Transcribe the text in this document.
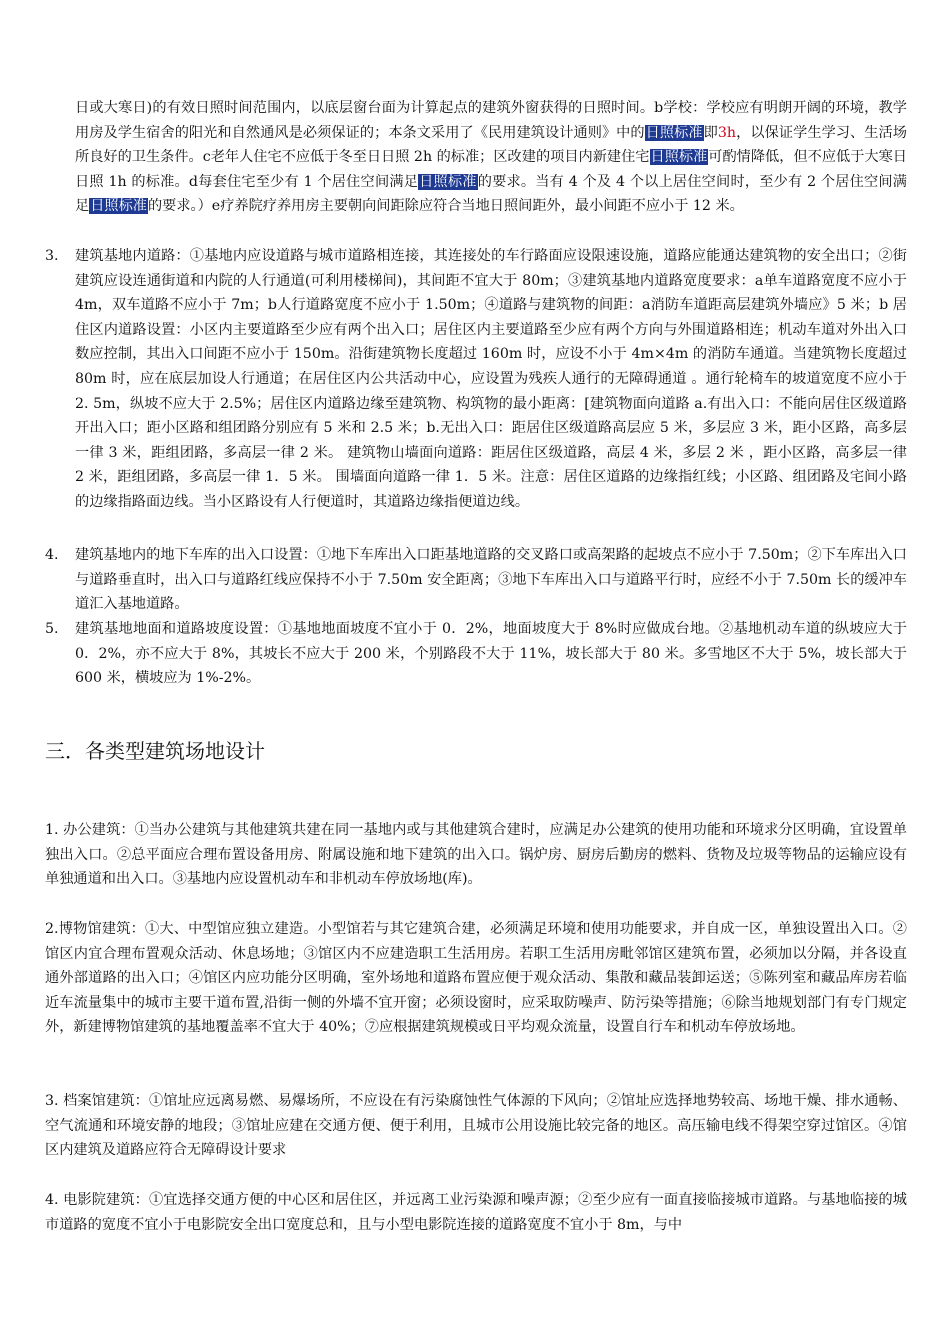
日或大寒日)的有效日照时间范围内，以底层窗台面为计算起点的建筑外窗获得的日照时间。b学校：学校应有明朗开阔的环境，教学用房及学生宿舍的阳光和自然通风是必须保证的；本条文采用了《民用建筑设计通则》中的日照标准即3h，以保证学生学习、生活场所良好的卫生条件。c老年人住宅不应低于冬至日日照 2h 的标准；区改建的项目内新建住宅日照标准可酌情降低，但不应低于大寒日日照 1h 的标准。d每套住宅至少有 1 个居住空间满足日照标准的要求。当有 4 个及 4 个以上居住空间时，至少有 2 个居住空间满足日照标准的要求。）e疗养院疗养用房主要朝向间距除应符合当地日照间距外，最小间距不应小于 12 米。
3.	建筑基地内道路：①基地内应设道路与城市道路相连接，其连接处的车行路面应设限速设施，道路应能通达建筑物的安全出口；②街建筑应设连通街道和内院的人行通道(可利用楼梯间)，其间距不宜大于 80m；③建筑基地内道路宽度要求：a单车道路宽度不应小于 4m，双车道路不应小于 7m；b人行道路宽度不应小于 1.50m；④道路与建筑物的间距：a消防车道距高层建筑外墙应》5 米；b 居住区内道路设置：小区内主要道路至少应有两个出入口；居住区内主要道路至少应有两个方向与外围道路相连；机动车道对外出入口数应控制，其出入口间距不应小于 150m。沿街建筑物长度超过 160m 时，应设不小于 4m×4m 的消防车通道。当建筑物长度超过 80m 时，应在底层加设人行通道；在居住区内公共活动中心，应设置为残疾人通行的无障碍通道 。通行轮椅车的坡道宽度不应小于 2. 5m，纵坡不应大于 2.5%；居住区内道路边缘至建筑物、构筑物的最小距离：[建筑物面向道路 a.有出入口：不能向居住区级道路开出入口；距小区路和组团路分别应有 5 米和 2.5 米；b.无出入口：距居住区级道路高层应 5 米，多层应 3 米，距小区路，高多层一律 3 米，距组团路，多高层一律 2 米。 建筑物山墙面向道路：距居住区级道路，高层 4 米，多层 2 米 ，距小区路，高多层一律 2 米，距组团路，多高层一律 1．5 米。 围墙面向道路一律 1．5 米。注意：居住区道路的边缘指红线；小区路、组团路及宅间小路的边缘指路面边线。当小区路设有人行便道时，其道路边缘指便道边线。
4.	建筑基地内的地下车库的出入口设置：①地下车库出入口距基地道路的交叉路口或高架路的起坡点不应小于 7.50m；②下车库出入口与道路垂直时，出入口与道路红线应保持不小于 7.50m 安全距离；③地下车库出入口与道路平行时，应经不小于 7.50m 长的缓冲车道汇入基地道路。
5.	建筑基地地面和道路坡度设置：①基地地面坡度不宜小于 0．2%，地面坡度大于 8%时应做成台地。②基地机动车道的纵坡应大于 0．2%，亦不应大于 8%，其坡长不应大于 200 米，个别路段不大于 11%，坡长部大于 80 米。多雪地区不大于 5%，坡长部大于 600 米，横坡应为 1%-2%。
三．各类型建筑场地设计
1. 办公建筑：①当办公建筑与其他建筑共建在同一基地内或与其他建筑合建时，应满足办公建筑的使用功能和环境求分区明确，宜设置单独出入口。②总平面应合理布置设备用房、附属设施和地下建筑的出入口。锅炉房、厨房后勤房的燃料、货物及垃圾等物品的运输应设有单独通道和出入口。③基地内应设置机动车和非机动车停放场地(库)。
2.博物馆建筑：①大、中型馆应独立建造。小型馆若与其它建筑合建，必须满足环境和使用功能要求，并自成一区，单独设置出入口。②馆区内宜合理布置观众活动、休息场地；③馆区内不应建造职工生活用房。若职工生活用房毗邻馆区建筑布置，必须加以分隔，并各设直通外部道路的出入口；④馆区内应功能分区明确，室外场地和道路布置应便于观众活动、集散和藏品装卸运送；⑤陈列室和藏品库房若临近车流量集中的城市主要干道布置,沿街一侧的外墙不宜开窗；必须设窗时，应采取防噪声、防污染等措施；⑥除当地规划部门有专门规定外，新建博物馆建筑的基地覆盖率不宜大于 40%；⑦应根据建筑规模或日平均观众流量，设置自行车和机动车停放场地。
3. 档案馆建筑：①馆址应远离易燃、易爆场所，不应设在有污染腐蚀性气体源的下风向；②馆址应选择地势较高、场地干燥、排水通畅、空气流通和环境安静的地段；③馆址应建在交通方便、便于利用，且城市公用设施比较完备的地区。高压输电线不得架空穿过馆区。④馆区内建筑及道路应符合无障碍设计要求
4. 电影院建筑：①宜选择交通方便的中心区和居住区，并远离工业污染源和噪声源；②至少应有一面直接临接城市道路。与基地临接的城市道路的宽度不宜小于电影院安全出口宽度总和，且与小型电影院连接的道路宽度不宜小于 8m，与中
